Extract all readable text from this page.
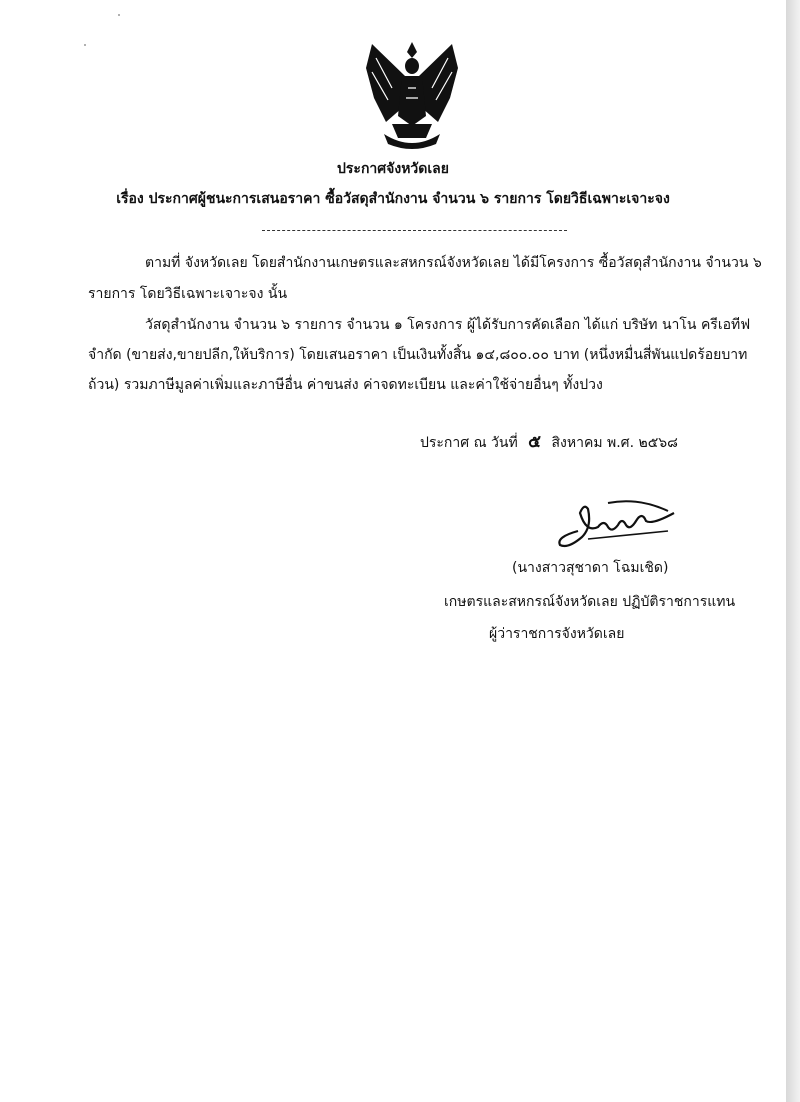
ประกาศจังหวัดเลย
เรื่อง ประกาศผู้ชนะการเสนอราคา ซื้อวัสดุสำนักงาน จำนวน ๖ รายการ โดยวิธีเฉพาะเจาะจง
ตามที่ จังหวัดเลย โดยสำนักงานเกษตรและสหกรณ์จังหวัดเลย ได้มีโครงการ ซื้อวัสดุสำนักงาน จำนวน ๖
รายการ โดยวิธีเฉพาะเจาะจง นั้น
วัสดุสำนักงาน จำนวน ๖ รายการ จำนวน ๑ โครงการ ผู้ได้รับการคัดเลือก ได้แก่ บริษัท นาโน ครีเอทีฟ
จำกัด (ขายส่ง,ขายปลีก,ให้บริการ) โดยเสนอราคา เป็นเงินทั้งสิ้น ๑๔,๘๐๐.๐๐ บาท (หนึ่งหมื่นสี่พันแปดร้อยบาท
ถ้วน) รวมภาษีมูลค่าเพิ่มและภาษีอื่น ค่าขนส่ง ค่าจดทะเบียน และค่าใช้จ่ายอื่นๆ ทั้งปวง
ประกาศ ณ วันที่ ๕ สิงหาคม พ.ศ. ๒๕๖๘
(นางสาวสุชาดา โฉมเชิด)
เกษตรและสหกรณ์จังหวัดเลย ปฏิบัติราชการแทน
ผู้ว่าราชการจังหวัดเลย
